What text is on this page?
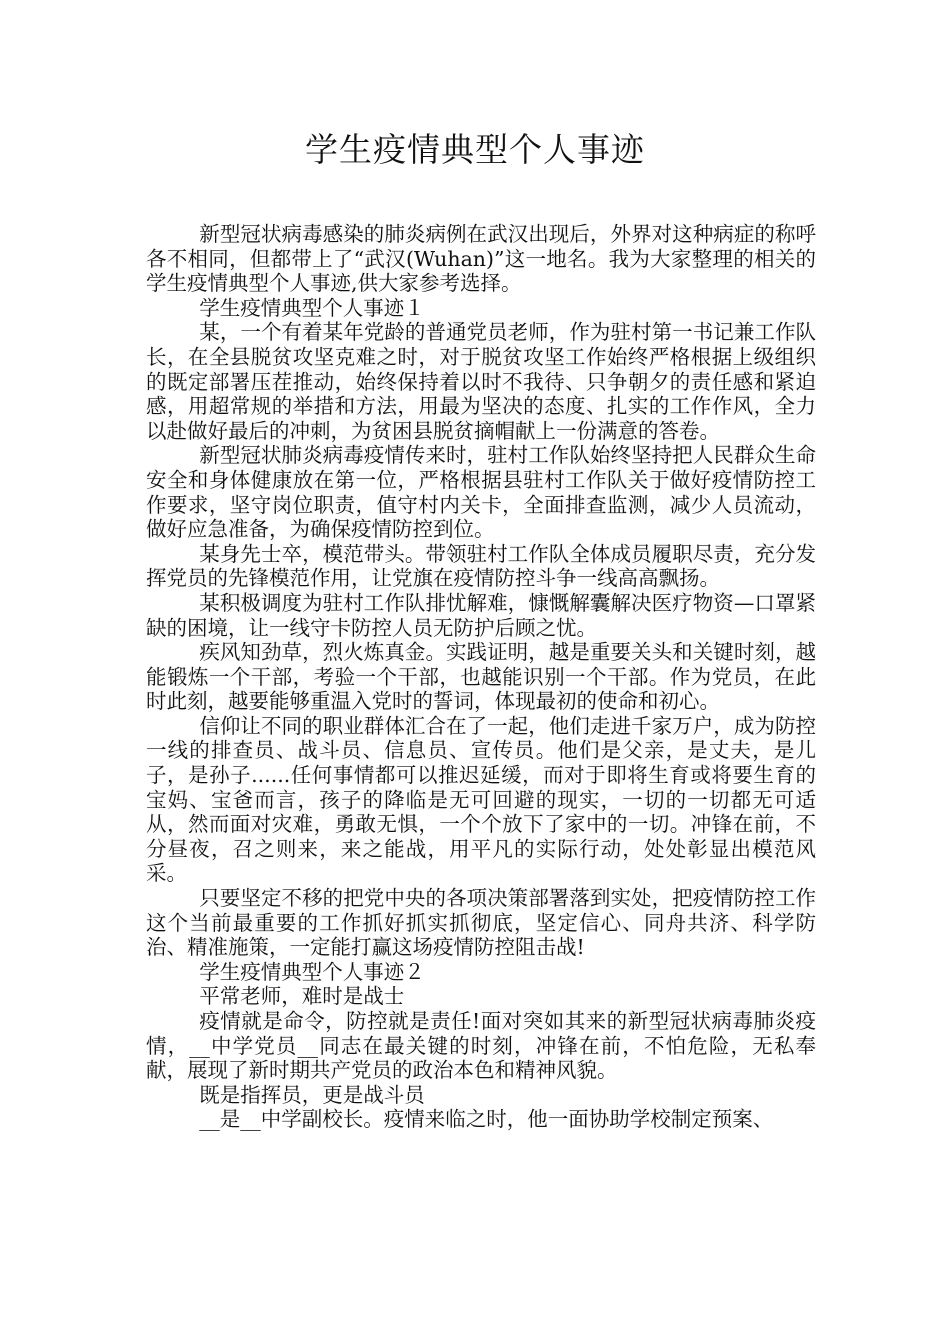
学生疫情典型个人事迹

新型冠状病毒感染的肺炎病例在武汉出现后，外界对这种病症的称呼各不相同，但都带上了“武汉(Wuhan)”这一地名。我为大家整理的相关的学生疫情典型个人事迹,供大家参考选择。

学生疫情典型个人事迹１

某，一个有着某年党龄的普通党员老师，作为驻村第一书记兼工作队长，在全县脱贫攻坚克难之时，对于脱贫攻坚工作始终严格根据上级组织的既定部署压茬推动，始终保持着以时不我待、只争朝夕的责任感和紧迫感，用超常规的举措和方法，用最为坚决的态度、扎实的工作作风，全力以赴做好最后的冲刺，为贫困县脱贫摘帽献上一份满意的答卷。

新型冠状肺炎病毒疫情传来时，驻村工作队始终坚持把人民群众生命安全和身体健康放在第一位，严格根据县驻村工作队关于做好疫情防控工作要求，坚守岗位职责，值守村内关卡，全面排查监测，减少人员流动，做好应急准备，为确保疫情防控到位。

某身先士卒，模范带头。带领驻村工作队全体成员履职尽责，充分发挥党员的先锋模范作用，让党旗在疫情防控斗争一线高高飘扬。

某积极调度为驻村工作队排忧解难，慷慨解囊解决医疗物资—口罩紧缺的困境，让一线守卡防控人员无防护后顾之忧。

疾风知劲草，烈火炼真金。实践证明，越是重要关头和关键时刻，越能锻炼一个干部，考验一个干部，也越能识别一个干部。作为党员，在此时此刻，越要能够重温入党时的誓词，体现最初的使命和初心。

信仰让不同的职业群体汇合在了一起，他们走进千家万户，成为防控一线的排查员、战斗员、信息员、宣传员。他们是父亲，是丈夫，是儿子，是孙子......任何事情都可以推迟延缓，而对于即将生育或将要生育的宝妈、宝爸而言，孩子的降临是无可回避的现实，一切的一切都无可适从，然而面对灾难，勇敢无惧，一个个放下了家中的一切。冲锋在前，不分昼夜，召之则来，来之能战，用平凡的实际行动，处处彰显出模范风采。

只要坚定不移的把党中央的各项决策部署落到实处，把疫情防控工作这个当前最重要的工作抓好抓实抓彻底，坚定信心、同舟共济、科学防治、精准施策，一定能打赢这场疫情防控阻击战!

学生疫情典型个人事迹２

平常老师，难时是战士

疫情就是命令，防控就是责任!面对突如其来的新型冠状病毒肺炎疫情，__中学党员__同志在最关键的时刻，冲锋在前，不怕危险，无私奉献，展现了新时期共产党员的政治本色和精神风貌。

既是指挥员，更是战斗员

__是__中学副校长。疫情来临之时，他一面协助学校制定预案、
